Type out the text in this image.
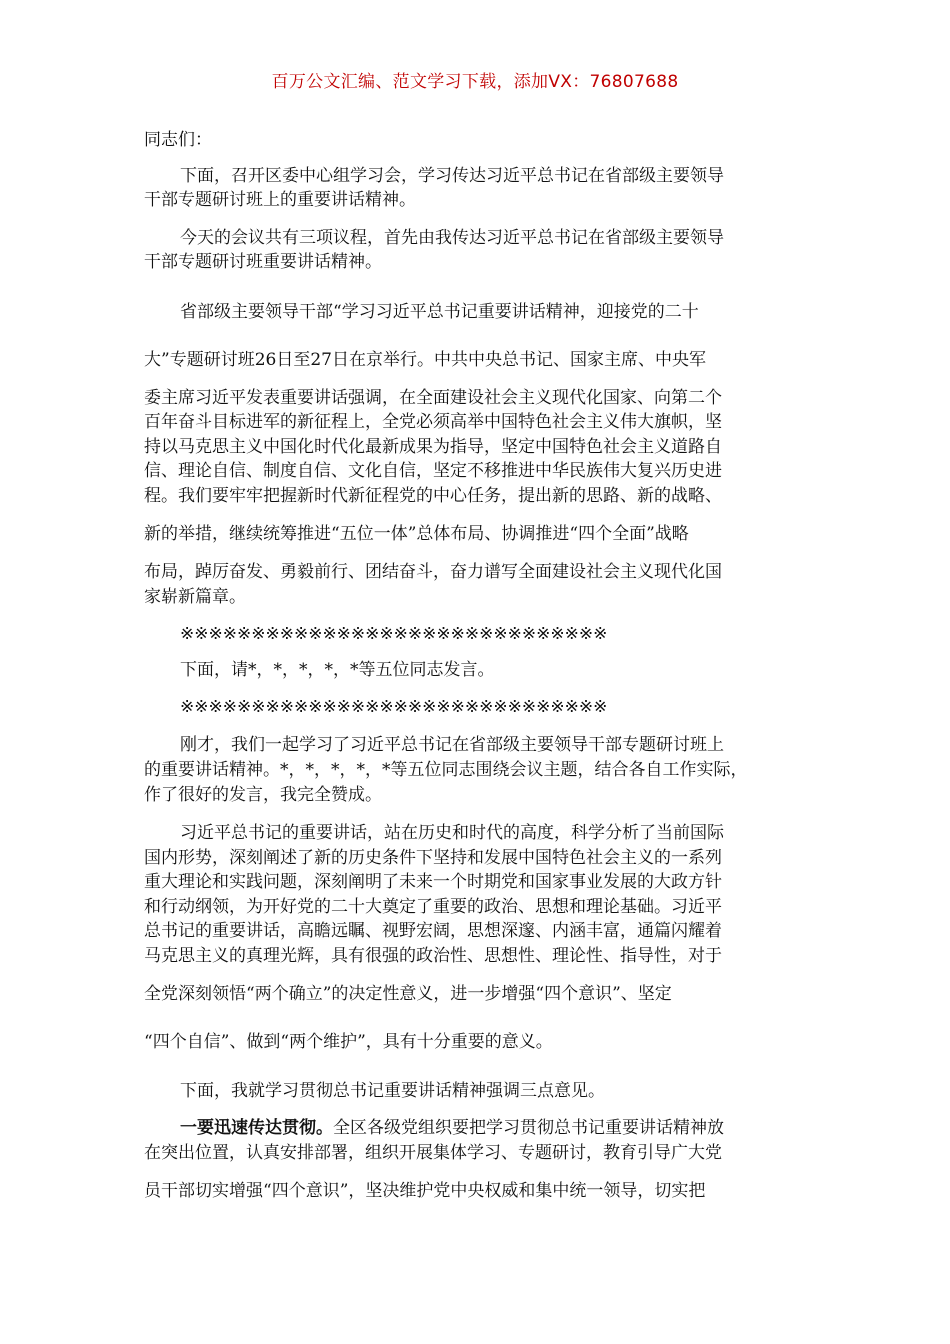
百万公文汇编、范文学习下载，添加VX：76807688
同志们：
下面，召开区委中心组学习会，学习传达习近平总书记在省部级主要领导
干部专题研讨班上的重要讲话精神。
今天的会议共有三项议程，首先由我传达习近平总书记在省部级主要领导
干部专题研讨班重要讲话精神。
省部级主要领导干部“学习习近平总书记重要讲话精神，迎接党的二十
大”专题研讨班26日至27日在京举行。中共中央总书记、国家主席、中央军
委主席习近平发表重要讲话强调，在全面建设社会主义现代化国家、向第二个
百年奋斗目标进军的新征程上，全党必须高举中国特色社会主义伟大旗帜，坚
持以马克思主义中国化时代化最新成果为指导，坚定中国特色社会主义道路自
信、理论自信、制度自信、文化自信，坚定不移推进中华民族伟大复兴历史进
程。我们要牢牢把握新时代新征程党的中心任务，提出新的思路、新的战略、
新的举措，继续统筹推进“五位一体”总体布局、协调推进“四个全面”战略
布局，踔厉奋发、勇毅前行、团结奋斗，奋力谱写全面建设社会主义现代化国
家崭新篇章。
※※※※※※※※※※※※※※※※※※※※※※※※※※※※※※
下面，请*，*，*，*，*等五位同志发言。
※※※※※※※※※※※※※※※※※※※※※※※※※※※※※※
刚才，我们一起学习了习近平总书记在省部级主要领导干部专题研讨班上
的重要讲话精神。*，*，*，*，*等五位同志围绕会议主题，结合各自工作实际，
作了很好的发言，我完全赞成。
习近平总书记的重要讲话，站在历史和时代的高度，科学分析了当前国际
国内形势，深刻阐述了新的历史条件下坚持和发展中国特色社会主义的一系列
重大理论和实践问题，深刻阐明了未来一个时期党和国家事业发展的大政方针
和行动纲领，为开好党的二十大奠定了重要的政治、思想和理论基础。习近平
总书记的重要讲话，高瞻远瞩、视野宏阔，思想深邃、内涵丰富，通篇闪耀着
马克思主义的真理光辉，具有很强的政治性、思想性、理论性、指导性，对于
全党深刻领悟“两个确立”的决定性意义，进一步增强“四个意识”、坚定
“四个自信”、做到“两个维护”，具有十分重要的意义。
下面，我就学习贯彻总书记重要讲话精神强调三点意见。
一要迅速传达贯彻。全区各级党组织要把学习贯彻总书记重要讲话精神放
在突出位置，认真安排部署，组织开展集体学习、专题研讨，教育引导广大党
员干部切实增强“四个意识”，坚决维护党中央权威和集中统一领导，切实把
